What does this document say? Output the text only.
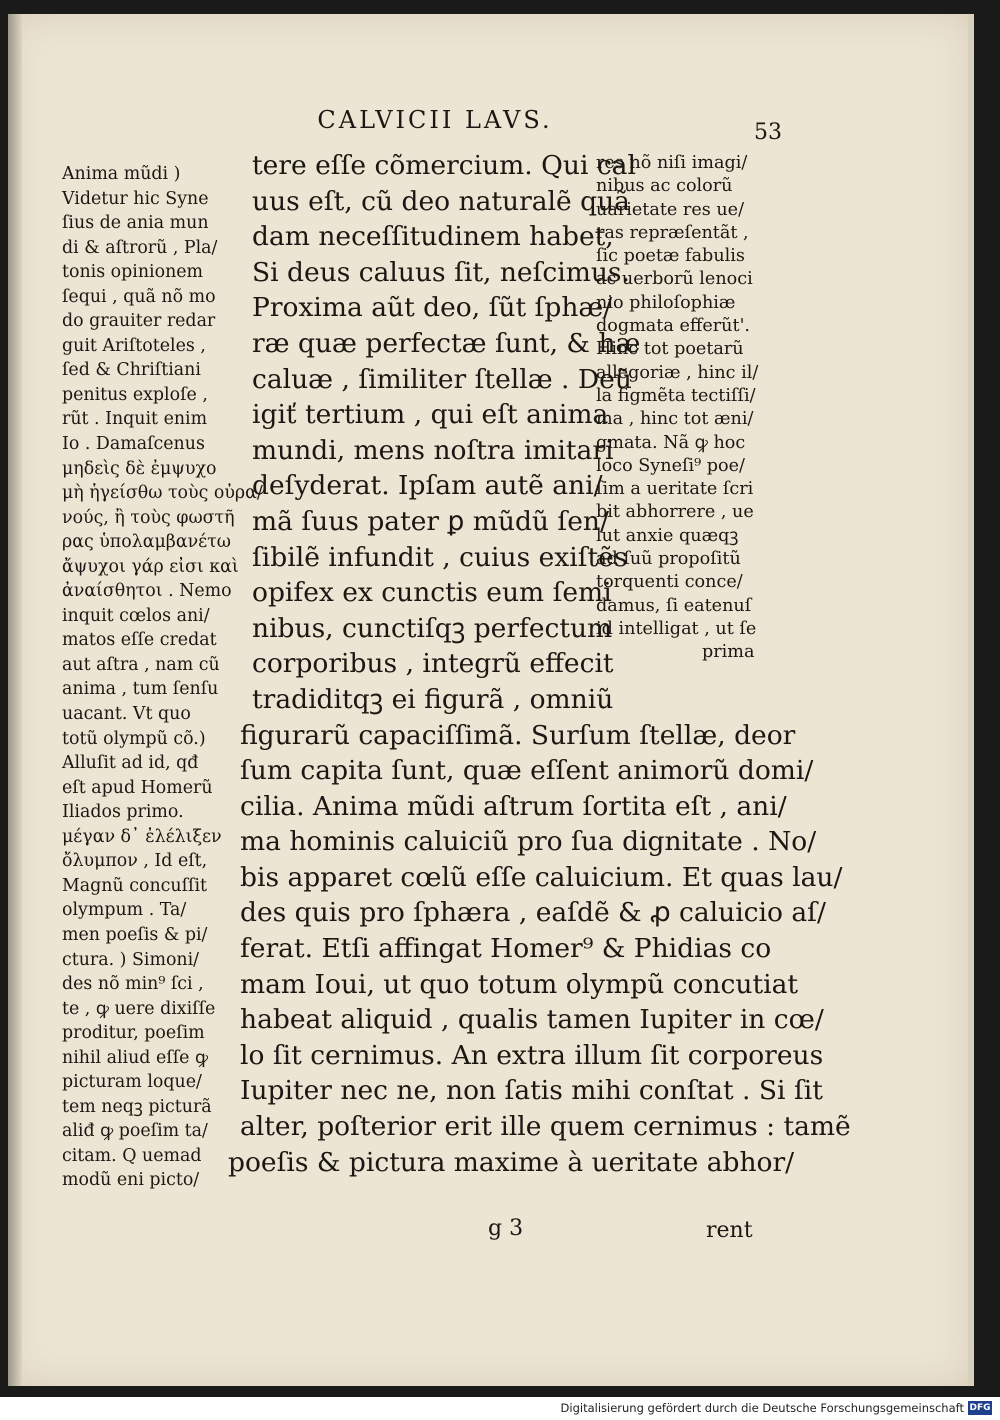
CALVICII LAVS.	53
Anima mũdi )
Videtur hic Syne
ſius de ania mun
di & aſtrorũ , Pla/
tonis opinionem
ſequi , quã nõ mo
do grauiter redar
guit Ariſtoteles ,
ſed & Chriſtiani
penitus exploſe ,
rũt . Inquit enim
Io . Damaſcenus
μηδεὶς δὲ ἐμψυχο
μὴ ἡγείσθω τοὺς οὐρα/
νούς, ἢ τοὺς φωστῆ
ρας ὑπολαμβανέτω
ἄψυχοι γάρ εἰσι καὶ
ἀναίσθητοι . Nemo
inquit cœlos ani/
matos eſſe credat
aut aſtra , nam cũ
anima , tum ſenſu
uacant. Vt quo
totũ olympũ cõ.)
Alluſit ad id, qđ
eſt apud Homerũ
Iliados primo.
μέγαν δ᾽ ἐλέλιξεν
ὄλυμπον , Id eſt,
Magnũ concuſſit
olympum . Ta/
men poeſis & pi/
ctura. ) Simoni/
des nõ min⁹ ſci ,
te , ꝙ uere dixiſſe
proditur, poeſim
nihil aliud eſſe ꝙ
picturam loque/
tem neqꝫ picturã
aliđ ꝙ poeſim ta/
citam. Q uemad
modũ eni picto/
tere eſſe cõmercium. Qui cal
uus eſt, cũ deo naturalẽ quã
dam neceſſitudinem habet,
Si deus caluus ſit, neſcimus.
Proxima aũt deo, ſũt ſphæ/
ræ quæ perfectæ ſunt, & hæ
caluæ , ſimiliter ſtellæ . Deũ
igiť tertium , qui eſt anima
mundi, mens noſtra imitari
deſyderat. Ipſam autẽ ani/
mã ſuus pater ꝑ mũdũ ſen/
ſibilẽ infundit , cuius exiſtẽs
opifex ex cunctis eum ſemi
nibus, cunctiſqꝫ perfectum
corporibus , integrũ effecit
tradiditqꝫ ei figurã , omniũ
figurarũ capaciſſimã. Surſum ſtellæ, deor
ſum capita ſunt, quæ eſſent animorũ domi/
cilia. Anima mũdi aſtrum ſortita eſt , ani/
ma hominis caluiciũ pro ſua dignitate . No/
bis apparet cœlũ eſſe caluicium. Et quas lau/
des quis pro ſphæra , eaſdẽ & ꝓ caluicio aſ/
ferat. Etſi affingat Homer⁹ & Phidias co
mam Ioui, ut quo totum olympũ concutiat
habeat aliquid , qualis tamen Iupiter in cœ/
lo ſit cernimus. An extra illum ſit corporeus
Iupiter nec ne, non ſatis mihi conſtat . Si ſit
alter, poſterior erit ille quem cernimus : tamẽ
poeſis & pictura maxime à ueritate abhor/
res nõ niſi imagi/
nibus ac colorũ
uarietate res ue/
ras repræſentãt ,
ſic poetæ fabulis
ac uerborũ lenoci
nio philoſophiæ
dogmata efferũt'.
Hinc tot poetarũ
allegoriæ , hinc il/
la figmẽta tectiſſi/
ma , hinc tot æni/
gmata. Nã ꝙ hoc
loco Syneſi⁹ poe/
ſim a ueritate ſcri
bit abhorrere , ue
lut anxie quæqꝫ
ad ſuũ propoſitũ
torquenti conce/
damus, ſi eatenuſ
id intelligat , ut ſe
prima
g 3	rent
Digitalisierung gefördert durch die Deutsche Forschungsgemeinschaft DFG
